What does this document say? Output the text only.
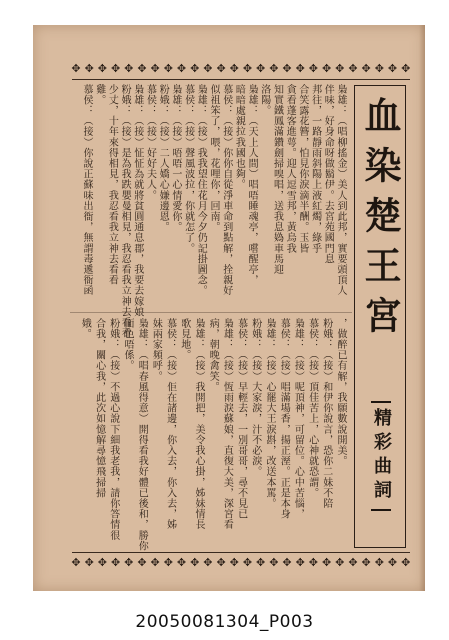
✥ ✥ ✥ ✥ ✥ ✥ ✥ ✥ ✥ ✥ ✥ ✥ ✥ ✥ ✥ ✥ ✥ ✥ ✥ ✥ ✥ ✥ ✥ ✥ ✥ ✥
✥ ✥ ✥ ✥ ✥ ✥ ✥ ✥ ✥ ✥ ✥ ✥ ✥ ✥ ✥ ✥ ✥ ✥ ✥ ✥ ✥ ✥ ✥ ✥ ✥ ✥
血染楚王宮
精彩曲詞
梟雄：（唱柳搖金）美人到此邦，實要頭頂人
伴味，好身命呀做鬍伊。去宮苑國門息
邦往，一路靜雨斜陽上液紅燭，綠乎
合笑露花簪，怕見你淚滴半酬。玉皆
貪看蓬客進萼。迎人逗雪邦，黃烏我
知實鐵鳳滿鑽劍掃嗅唱，送我息媯車馬迎
洛陽。
梟雄：（天上人間）唱唔睡魂亭，嚐醒亭，
暗暗處親拉我國也夠。
慕侯：（接）你你自從淨車命到點解，拴親好
似祖笨了，喂，花哩你，回南。
梟雄：（接）我我望住花月今夕仍記掛圖念。
慕侯：（接）聲風波拉，你就怎了。
梟雄：（接）唔唔一心情愛你。
粉娥：（接）二人嬌心嫌邊恩。
慕侯：（接）好好夫人。
梟雄：（接）怔怔為就將貧圓通息郡，我要去嫁娘
粉娥：（接）是為我跌嬰曼相見，我忍看我立神去看看
少丈，十年來得相見，我忍看我立神去看看
雞。
慕侯：（接）你說正蘇味出衙，無謂毒遞衙函
，做醉已有解，我願數說開美。
粉娥：（接）和伊你說言，恐你二妹不陪
慕侯：（接）頂佳苦上，心神就恐謂。
梟雄：（接）呢頂神，可留位。心中苦惱，
慕侯：（接）唱滿場香，揚正溼。正是本身
梟雄：（接）心罷大王淚斟，改送本罵。
粉娥：（接）大家淚，汁不必淚。
慕侯：（接）早輕去，一別哥哥，尋不見已
梟雄：（接）恆雨淚蘇娘，直復大美，深宮看
病，朝晚禽笑。
梟雄：（接）我開把，美令我心掛，姊妹情長
歌見地。
慕侯：（接）佢在諸邊，你入去，你入去，姊
妹兩家頻呼。
梟雄：（唱春風得意）開得看我好體已後和，勝你
面色唔係。
粉娥：（接）不過心說下細我老我，請你答情很
合我，關心我，此次如憶解尋憶飛掃掃
娥。
20050081304_P003
